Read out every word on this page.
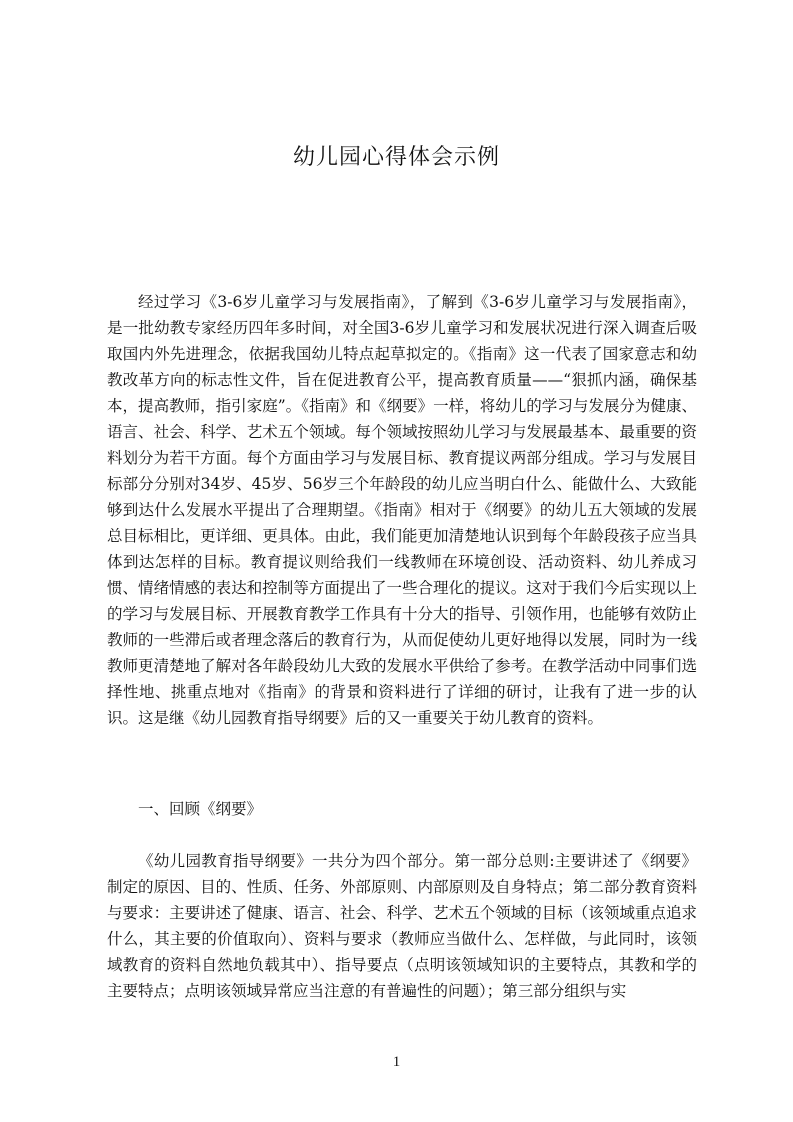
幼儿园心得体会示例

经过学习《3-6岁儿童学习与发展指南》，了解到《3-6岁儿童学习与发展指南》，是一批幼教专家经历四年多时间，对全国3-6岁儿童学习和发展状况进行深入调查后吸取国内外先进理念，依据我国幼儿特点起草拟定的。《指南》这一代表了国家意志和幼教改革方向的标志性文件，旨在促进教育公平，提高教育质量——“狠抓内涵，确保基本，提高教师，指引家庭”。《指南》和《纲要》一样，将幼儿的学习与发展分为健康、语言、社会、科学、艺术五个领域。每个领域按照幼儿学习与发展最基本、最重要的资料划分为若干方面。每个方面由学习与发展目标、教育提议两部分组成。学习与发展目标部分分别对34岁、45岁、56岁三个年龄段的幼儿应当明白什么、能做什么、大致能够到达什么发展水平提出了合理期望。《指南》相对于《纲要》的幼儿五大领域的发展总目标相比，更详细、更具体。由此，我们能更加清楚地认识到每个年龄段孩子应当具体到达怎样的目标。教育提议则给我们一线教师在环境创设、活动资料、幼儿养成习惯、情绪情感的表达和控制等方面提出了一些合理化的提议。这对于我们今后实现以上的学习与发展目标、开展教育教学工作具有十分大的指导、引领作用，也能够有效防止教师的一些滞后或者理念落后的教育行为，从而促使幼儿更好地得以发展，同时为一线教师更清楚地了解对各年龄段幼儿大致的发展水平供给了参考。在教学活动中同事们选择性地、挑重点地对《指南》的背景和资料进行了详细的研讨，让我有了进一步的认识。这是继《幼儿园教育指导纲要》后的又一重要关于幼儿教育的资料。

一、回顾《纲要》

《幼儿园教育指导纲要》一共分为四个部分。第一部分总则:主要讲述了《纲要》制定的原因、目的、性质、任务、外部原则、内部原则及自身特点；第二部分教育资料与要求：主要讲述了健康、语言、社会、科学、艺术五个领域的目标（该领域重点追求什么，其主要的价值取向）、资料与要求（教师应当做什么、怎样做，与此同时，该领域教育的资料自然地负载其中）、指导要点（点明该领域知识的主要特点，其教和学的主要特点；点明该领域异常应当注意的有普遍性的问题）；第三部分组织与实

1
